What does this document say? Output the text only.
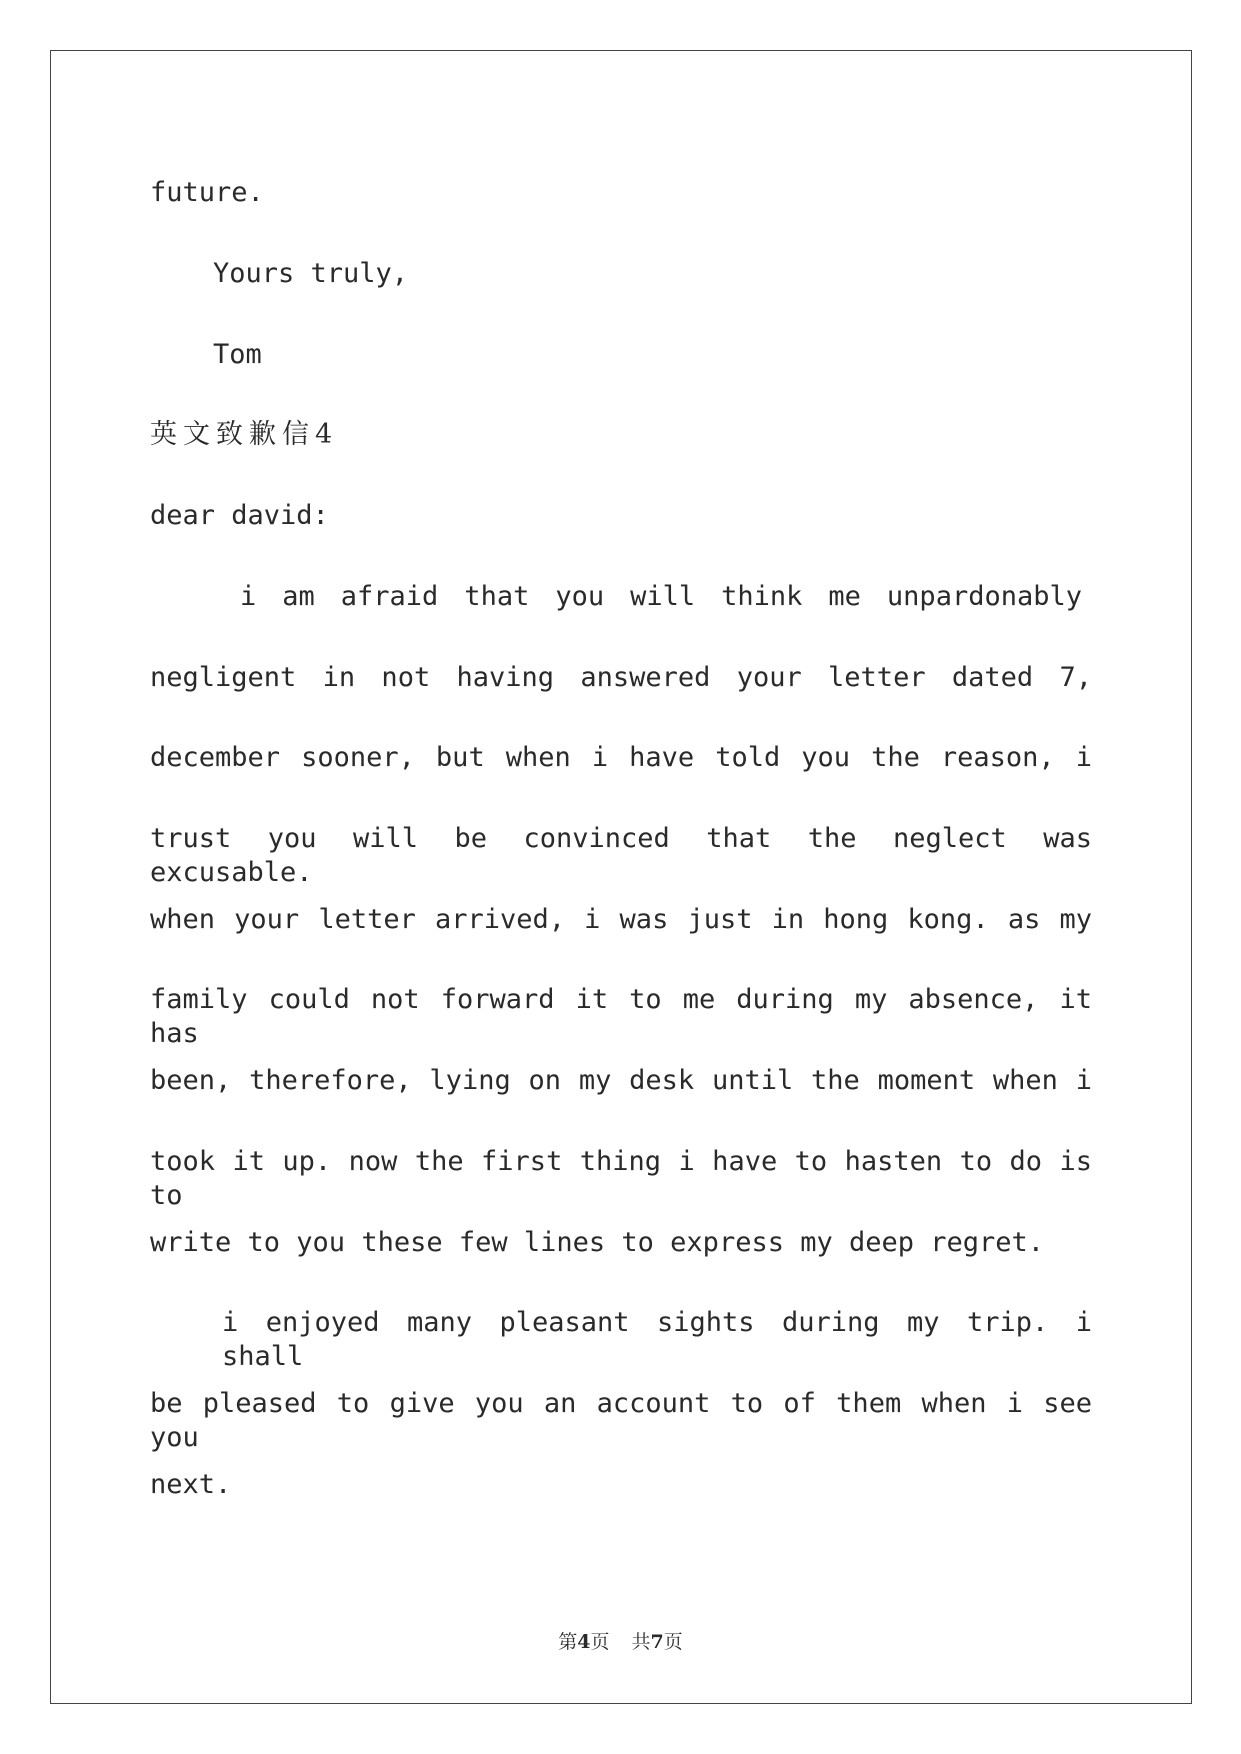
future.
Yours truly,
Tom
英文致歉信4
dear david:
i am afraid that you will think me unpardonably
negligent in not having answered your letter dated 7,
december sooner, but when i have told you the reason, i
trust you will be convinced that the neglect was excusable.
when your letter arrived, i was just in hong kong. as my
family could not forward it to me during my absence, it has
been, therefore, lying on my desk until the moment when i
took it up. now the first thing i have to hasten to do is to
write to you these few lines to express my deep regret.
i enjoyed many pleasant sights during my trip. i shall
be pleased to give you an account to of them when i see you
next.
第4页 共7页
